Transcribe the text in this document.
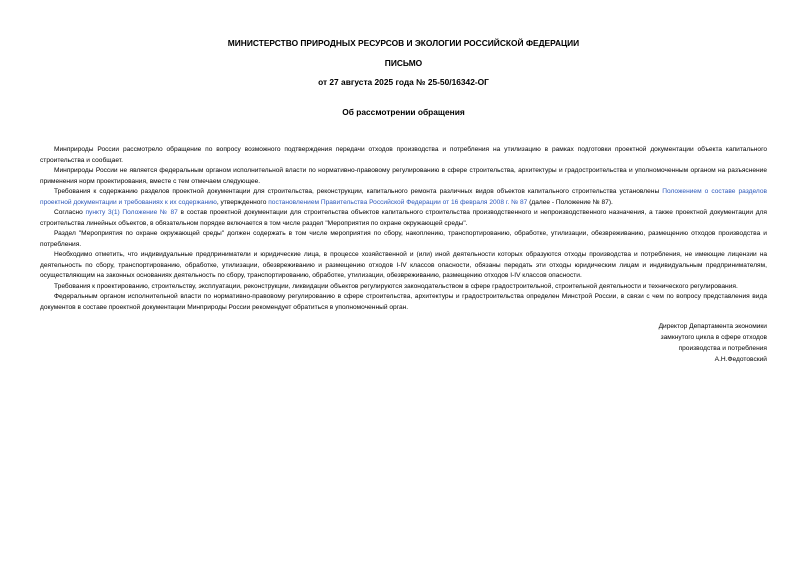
МИНИСТЕРСТВО ПРИРОДНЫХ РЕСУРСОВ И ЭКОЛОГИИ РОССИЙСКОЙ ФЕДЕРАЦИИ
ПИСЬМО
от 27 августа 2025 года № 25-50/16342-ОГ
Об рассмотрении обращения

Минприроды России рассмотрело обращение по вопросу возможного подтверждения передачи отходов производства и потребления на утилизацию в рамках подготовки проектной документации объекта капитального строительства и сообщает.

Минприроды России не является федеральным органом исполнительной власти по нормативно-правовому регулированию в сфере строительства, архитектуры и градостроительства и уполномоченным органом на разъяснение применения норм проектирования, вместе с тем отмечаем следующее.

Требования к содержанию разделов проектной документации для строительства, реконструкции, капитального ремонта различных видов объектов капитального строительства установлены Положением о составе разделов проектной документации и требованиях к их содержанию, утвержденного постановлением Правительства Российской Федерации от 16 февраля 2008 г. № 87 (далее - Положение № 87).

Согласно пункту 3(1) Положение № 87 в состав проектной документации для строительства объектов капитального строительства производственного и непроизводственного назначения, а также проектной документации для строительства линейных объектов, в обязательном порядке включается в том числе раздел "Мероприятия по охране окружающей среды".

Раздел "Мероприятия по охране окружающей среды" должен содержать в том числе мероприятия по сбору, накоплению, транспортированию, обработке, утилизации, обезвреживанию, размещению отходов производства и потребления.

Необходимо отметить, что индивидуальные предприниматели и юридические лица, в процессе хозяйственной и (или) иной деятельности которых образуются отходы производства и потребления, не имеющие лицензии на деятельность по сбору, транспортированию, обработке, утилизации, обезвреживанию и размещению отходов I-IV классов опасности, обязаны передать эти отходы юридическим лицам и индивидуальным предпринимателям, осуществляющим на законных основаниях деятельность по сбору, транспортированию, обработке, утилизации, обезвреживанию, размещению отходов I-IV классов опасности.

Требования к проектированию, строительству, эксплуатации, реконструкции, ликвидации объектов регулируются законодательством в сфере градостроительной, строительной деятельности и технического регулирования.

Федеральным органом исполнительной власти по нормативно-правовому регулированию в сфере строительства, архитектуры и градостроительства определен Минстрой России, в связи с чем по вопросу представления вида документов в составе проектной документации Минприроды России рекомендует обратиться в уполномоченный орган.

Директор Департамента экономики
замкнутого цикла в сфере отходов
производства и потребления
А.Н.Федотовский
